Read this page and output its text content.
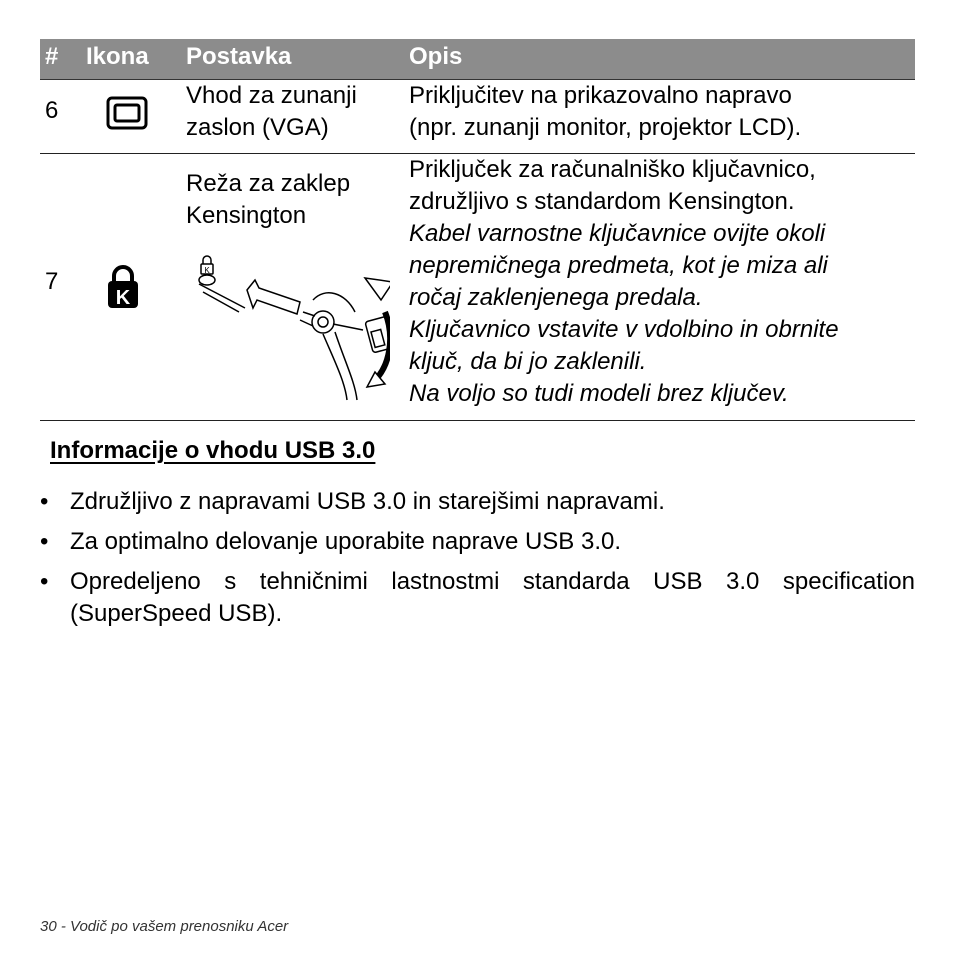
# Ikona Postavka	Opis
6
Vhod za zunanji
zaslon (VGA)
Priključitev na prikazovalno napravo
(npr. zunanji monitor, projektor LCD).
7
K
Reža za zaklep
Kensington
K
Priključek za računalniško ključavnico,
združljivo s standardom Kensington.
Kabel varnostne ključavnice ovijte okoli
nepremičnega predmeta, kot je miza ali
ročaj zaklenjenega predala.
Ključavnico vstavite v vdolbino in obrnite
ključ, da bi jo zaklenili.
Na voljo so tudi modeli brez ključev.
Informacije o vhodu USB 3.0
• Združljivo z napravami USB 3.0 in starejšimi napravami.
• Za optimalno delovanje uporabite naprave USB 3.0.
• Opredeljeno s tehničnimi lastnostmi standarda USB 3.0 specification (SuperSpeed USB).
30 - Vodič po vašem prenosniku Acer
